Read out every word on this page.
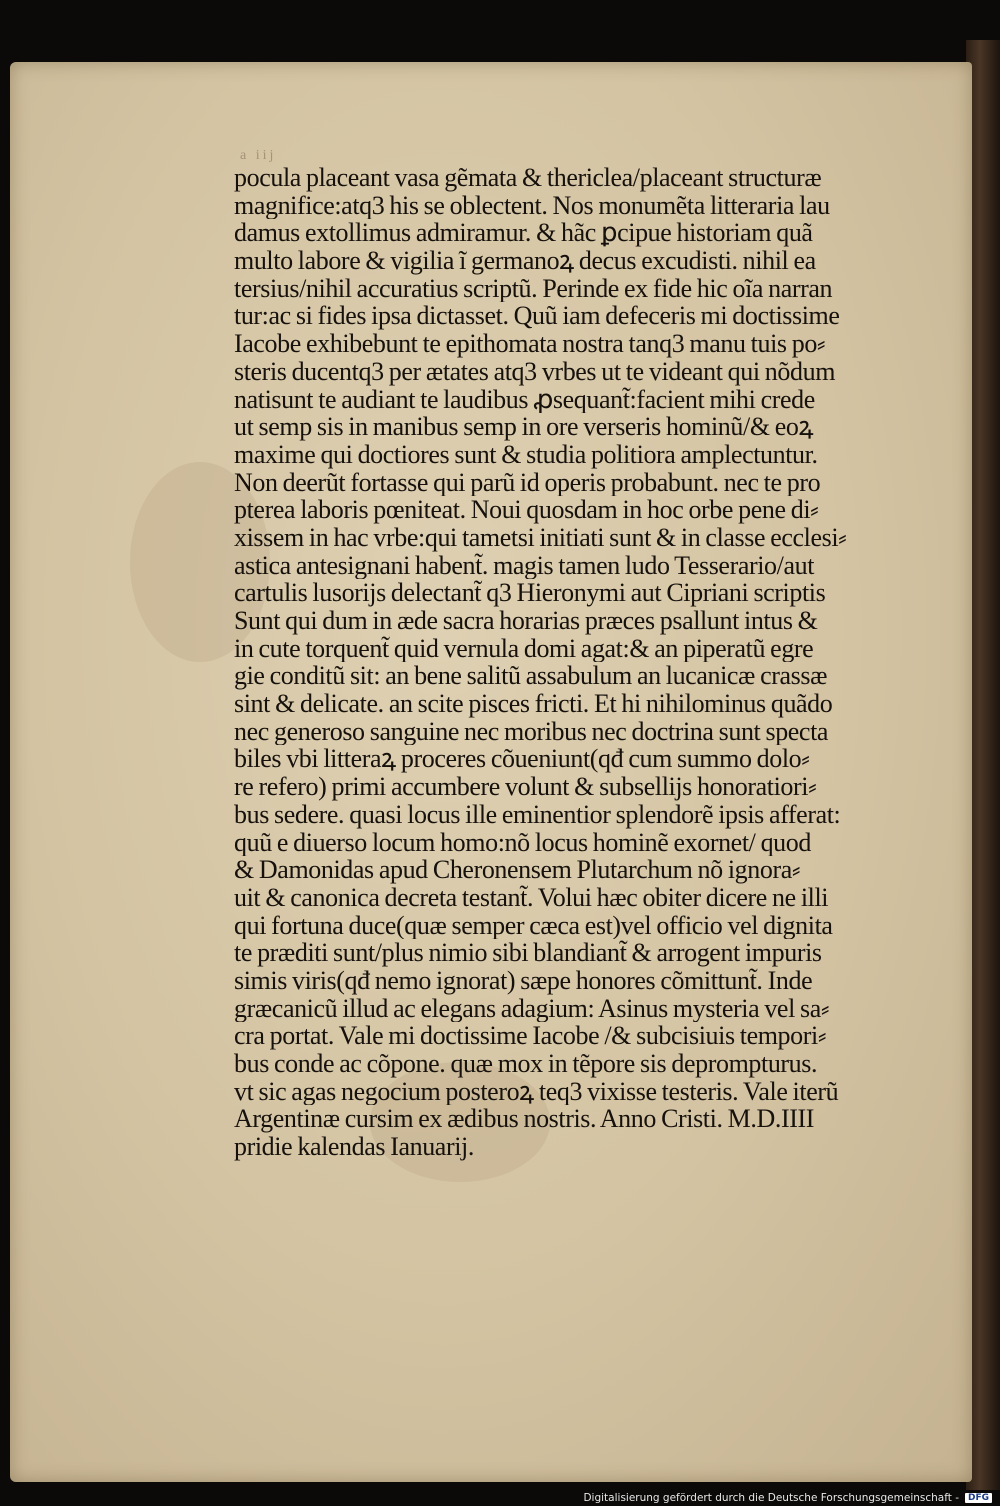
a iij
pocula placeant vasa gẽmata & thericlea/placeant structuræ
magnifice:atq3 his se oblectent. Nos monumẽta litteraria lau
damus extollimus admiramur. & hãc ꝑcipue historiam quã
multo labore & vigilia ĩ germanoꝝ decus excudisti. nihil ea
tersius/nihil accuratius scriptũ. Perinde ex fide hic oĩa narran
tur:ac si fides ipsa dictasset. Quũ iam defeceris mi doctissime
Iacobe exhibebunt te epithomata nostra tanq3 manu tuis po⸗
steris ducentq3 per ætates atq3 vrbes ut te videant qui nõdum
natisunt te audiant te laudibus ꝓsequant̃:facient mihi crede
ut semp sis in manibus semp in ore verseris hominũ/& eoꝝ
maxime qui doctiores sunt & studia politiora amplectuntur.
Non deerũt fortasse qui parũ id operis probabunt. nec te pro
pterea laboris pœniteat. Noui quosdam in hoc orbe pene di⸗
xissem in hac vrbe:qui tametsi initiati sunt & in classe ecclesi⸗
astica antesignani habent̃. magis tamen ludo Tesserario/aut
cartulis lusorijs delectant̃ q3 Hieronymi aut Cipriani scriptis
Sunt qui dum in æde sacra horarias præces psallunt intus &
in cute torquent̃ quid vernula domi agat:& an piperatũ egre
gie conditũ sit: an bene salitũ assabulum an lucanicæ crassæ
sint & delicate. an scite pisces fricti. Et hi nihilominus quãdo
nec generoso sanguine nec moribus nec doctrina sunt specta
biles vbi litteraꝝ proceres cõueniunt(qđ cum summo dolo⸗
re refero) primi accumbere volunt & subsellijs honoratiori⸗
bus sedere. quasi locus ille eminentior splendorẽ ipsis afferat:
quũ e diuerso locum homo:nõ locus hominẽ exornet/ quod
& Damonidas apud Cheronensem Plutarchum nõ ignora⸗
uit & canonica decreta testant̃. Volui hæc obiter dicere ne illi
qui fortuna duce(quæ semper cæca est)vel officio vel dignita
te præditi sunt/plus nimio sibi blandiant̃ & arrogent impuris
simis viris(qđ nemo ignorat) sæpe honores cõmittunt̃. Inde
græcanicũ illud ac elegans adagium: Asinus mysteria vel sa⸗
cra portat. Vale mi doctissime Iacobe /& subcisiuis tempori⸗
bus conde ac cõpone. quæ mox in tẽpore sis deprompturus.
vt sic agas negocium posteroꝝ teq3 vixisse testeris. Vale iterũ
Argentinæ cursim ex ædibus nostris. Anno Cristi. M.D.IIII
pridie kalendas Ianuarij.
Digitalisierung gefördert durch die Deutsche Forschungsgemeinschaft -	DFG
